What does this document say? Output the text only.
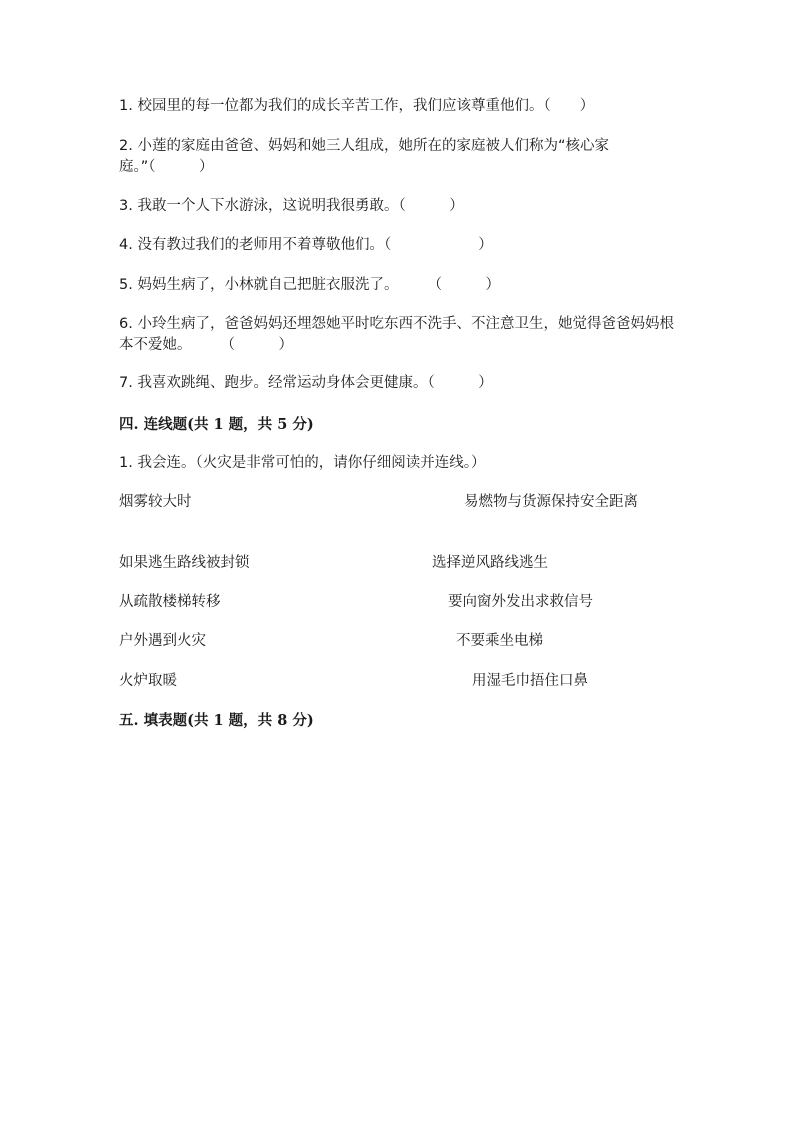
1. 校园里的每一位都为我们的成长辛苦工作，我们应该尊重他们。（　　）
2. 小莲的家庭由爸爸、妈妈和她三人组成，她所在的家庭被人们称为“核心家庭。”（　　　）
3. 我敢一个人下水游泳，这说明我很勇敢。（　　　）
4. 没有教过我们的老师用不着尊敬他们。（　　　　　　）
5. 妈妈生病了，小林就自己把脏衣服洗了。　　　（　　　）
6. 小玲生病了，爸爸妈妈还埋怨她平时吃东西不洗手、不注意卫生，她觉得爸爸妈妈根本不爱她。　　　（　　　）
7. 我喜欢跳绳、跑步。经常运动身体会更健康。（　　　）
四. 连线题(共 1 题，共 5 分)
1. 我会连。（火灾是非常可怕的，请你仔细阅读并连线。）
烟雾较大时	易燃物与货源保持安全距离
如果逃生路线被封锁	选择逆风路线逃生
从疏散楼梯转移	要向窗外发出求救信号
户外遇到火灾	不要乘坐电梯
火炉取暖	用湿毛巾捂住口鼻
五. 填表题(共 1 题，共 8 分)
